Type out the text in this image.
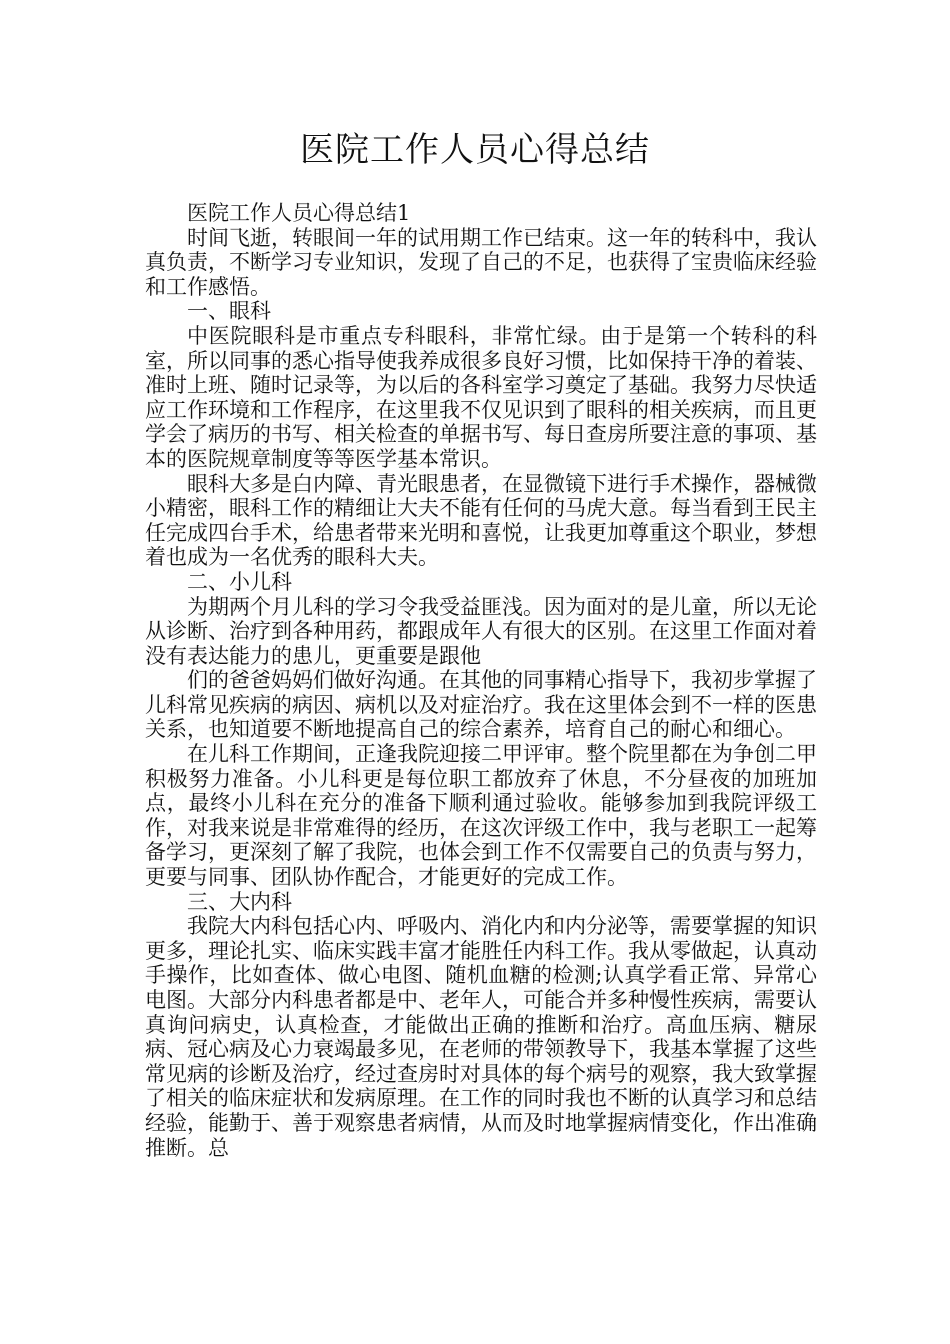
医院工作人员心得总结

医院工作人员心得总结1

时间飞逝，转眼间一年的试用期工作已结束。这一年的转科中，我认真负责，不断学习专业知识，发现了自己的不足，也获得了宝贵临床经验和工作感悟。

一、眼科

中医院眼科是市重点专科眼科，非常忙绿。由于是第一个转科的科室，所以同事的悉心指导使我养成很多良好习惯，比如保持干净的着装、准时上班、随时记录等，为以后的各科室学习奠定了基础。我努力尽快适应工作环境和工作程序，在这里我不仅见识到了眼科的相关疾病，而且更学会了病历的书写、相关检查的单据书写、每日查房所要注意的事项、基本的医院规章制度等等医学基本常识。

眼科大多是白内障、青光眼患者，在显微镜下进行手术操作，器械微小精密，眼科工作的精细让大夫不能有任何的马虎大意。每当看到王民主任完成四台手术，给患者带来光明和喜悦，让我更加尊重这个职业，梦想着也成为一名优秀的眼科大夫。

二、小儿科

为期两个月儿科的学习令我受益匪浅。因为面对的是儿童，所以无论从诊断、治疗到各种用药，都跟成年人有很大的区别。在这里工作面对着没有表达能力的患儿，更重要是跟他

们的爸爸妈妈们做好沟通。在其他的同事精心指导下，我初步掌握了儿科常见疾病的病因、病机以及对症治疗。我在这里体会到不一样的医患关系，也知道要不断地提高自己的综合素养，培育自己的耐心和细心。

在儿科工作期间，正逢我院迎接二甲评审。整个院里都在为争创二甲积极努力准备。小儿科更是每位职工都放弃了休息，不分昼夜的加班加点，最终小儿科在充分的准备下顺利通过验收。能够参加到我院评级工作，对我来说是非常难得的经历，在这次评级工作中，我与老职工一起筹备学习，更深刻了解了我院，也体会到工作不仅需要自己的负责与努力，更要与同事、团队协作配合，才能更好的完成工作。

三、大内科

我院大内科包括心内、呼吸内、消化内和内分泌等，需要掌握的知识更多，理论扎实、临床实践丰富才能胜任内科工作。我从零做起，认真动手操作，比如查体、做心电图、随机血糖的检测;认真学看正常、异常心电图。大部分内科患者都是中、老年人，可能合并多种慢性疾病，需要认真询问病史，认真检查，才能做出正确的推断和治疗。高血压病、糖尿病、冠心病及心力衰竭最多见，在老师的带领教导下，我基本掌握了这些常见病的诊断及治疗，经过查房时对具体的每个病号的观察，我大致掌握了相关的临床症状和发病原理。在工作的同时我也不断的认真学习和总结经验，能勤于、善于观察患者病情，从而及时地掌握病情变化，作出准确推断。总
